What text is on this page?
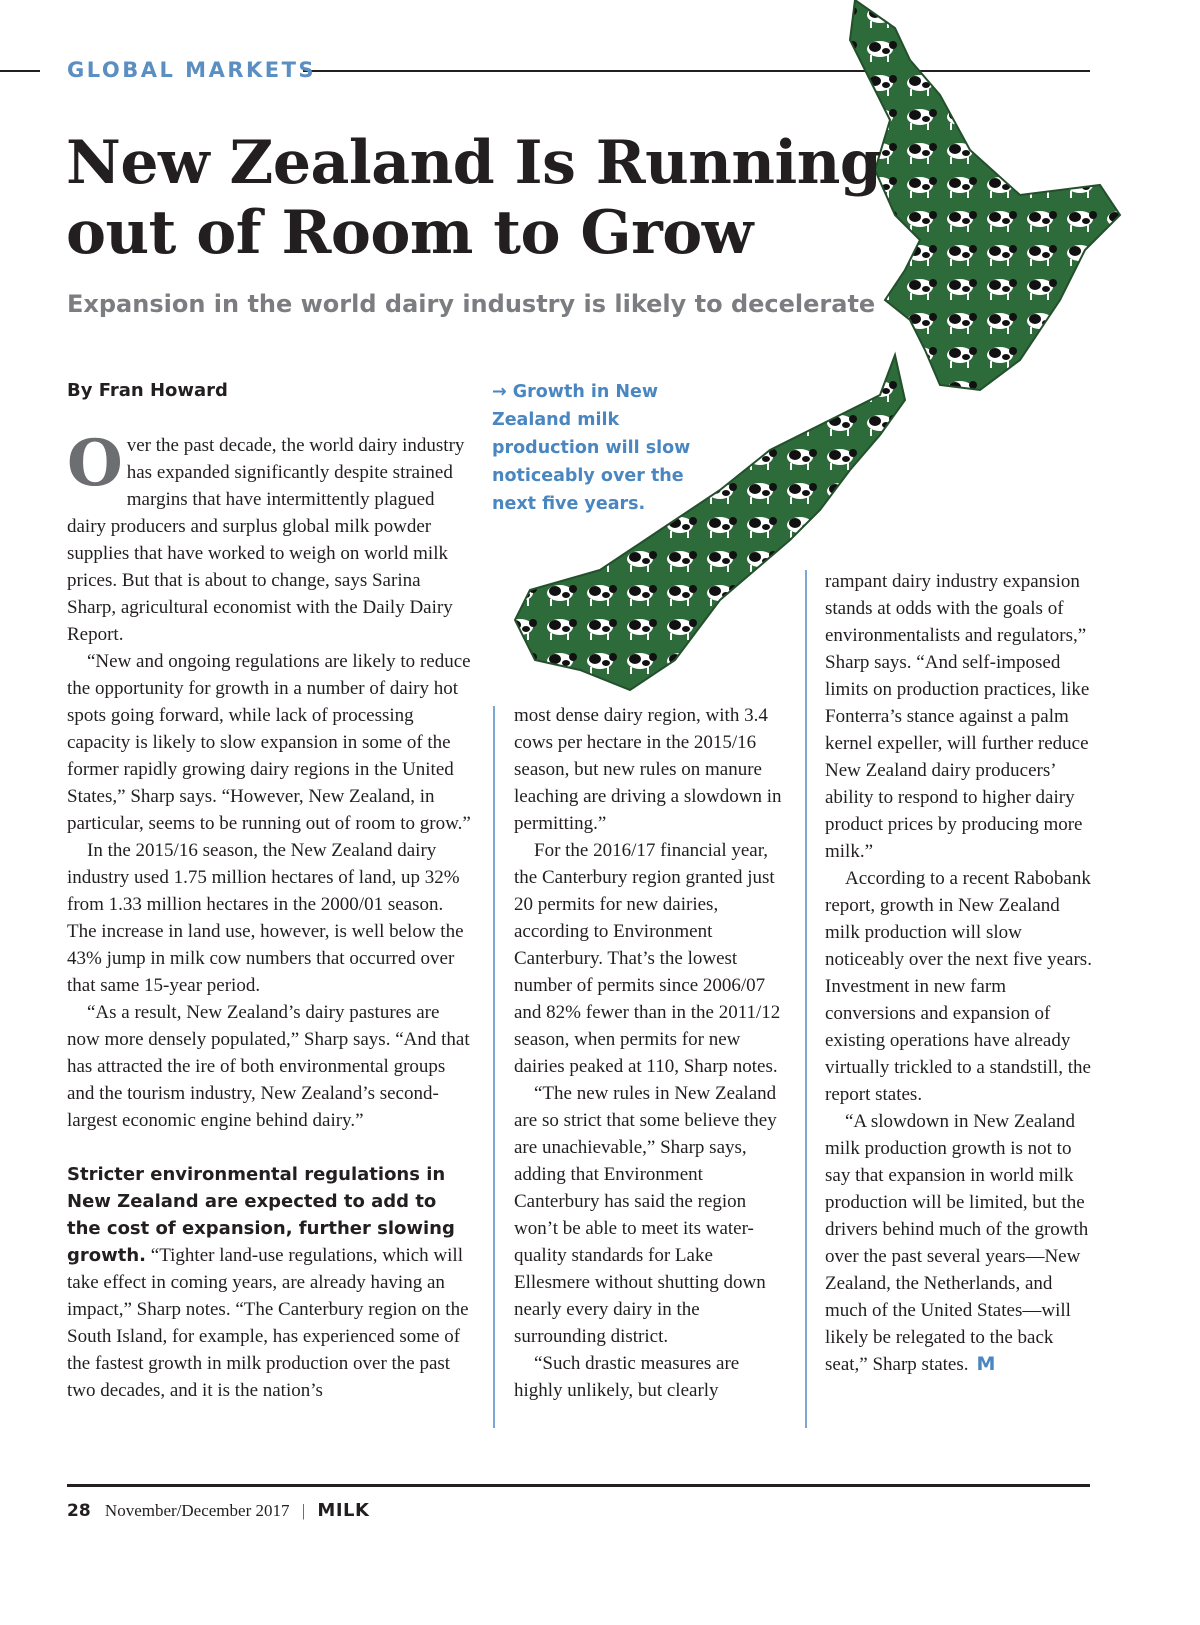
GLOBAL MARKETS
New Zealand Is Running
out of Room to Grow
Expansion in the world dairy industry is likely to decelerate
By Fran Howard	→ Growth in New Zealand milk production will slow noticeably over the next five years.

Over the past decade, the world dairy industry has expanded significantly despite strained margins that have intermittently plagued dairy producers and surplus global milk powder supplies that have worked to weigh on world milk prices. But that is about to change, says Sarina Sharp, agricultural economist with the Daily Dairy Report.

“New and ongoing regulations are likely to reduce the opportunity for growth in a number of dairy hot spots going forward, while lack of processing capacity is likely to slow expansion in some of the former rapidly growing dairy regions in the United States,” Sharp says. “However, New Zealand, in particular, seems to be running out of room to grow.”

In the 2015/16 season, the New Zealand dairy industry used 1.75 million hectares of land, up 32% from 1.33 million hectares in the 2000/01 season. The increase in land use, however, is well below the 43% jump in milk cow numbers that occurred over that same 15-year period.

“As a result, New Zealand’s dairy pastures are now more densely populated,” Sharp says. “And that has attracted the ire of both environmental groups and the tourism industry, New Zealand’s second-largest economic engine behind dairy.”

Stricter environmental regulations in New Zealand are expected to add to the cost of expansion, further slowing growth. “Tighter land-use regulations, which will take effect in coming years, are already having an impact,” Sharp notes. “The Canterbury region on the South Island, for example, has experienced some of the fastest growth in milk production over the past two decades, and it is the nation’s

most dense dairy region, with 3.4 cows per hectare in the 2015/16 season, but new rules on manure leaching are driving a slowdown in permitting.”

For the 2016/17 financial year, the Canterbury region granted just 20 permits for new dairies, according to Environment Canterbury. That’s the lowest number of permits since 2006/07 and 82% fewer than in the 2011/12 season, when permits for new dairies peaked at 110, Sharp notes.

“The new rules in New Zealand are so strict that some believe they are unachievable,” Sharp says, adding that Environment Canterbury has said the region won’t be able to meet its water-quality standards for Lake Ellesmere without shutting down nearly every dairy in the surrounding district.

“Such drastic measures are highly unlikely, but clearly

rampant dairy industry expansion stands at odds with the goals of environmentalists and regulators,” Sharp says. “And self-imposed limits on production practices, like Fonterra’s stance against a palm kernel expeller, will further reduce New Zealand dairy producers’ ability to respond to higher dairy product prices by producing more milk.”

According to a recent Rabobank report, growth in New Zealand milk production will slow noticeably over the next five years. Investment in new farm conversions and expansion of existing operations have already virtually trickled to a standstill, the report states.

“A slowdown in New Zealand milk production growth is not to say that expansion in world milk production will be limited, but the drivers behind much of the growth over the past several years—New Zealand, the Netherlands, and much of the United States—will likely be relegated to the back seat,” Sharp states. M

28 November/December 2017 | MILK
